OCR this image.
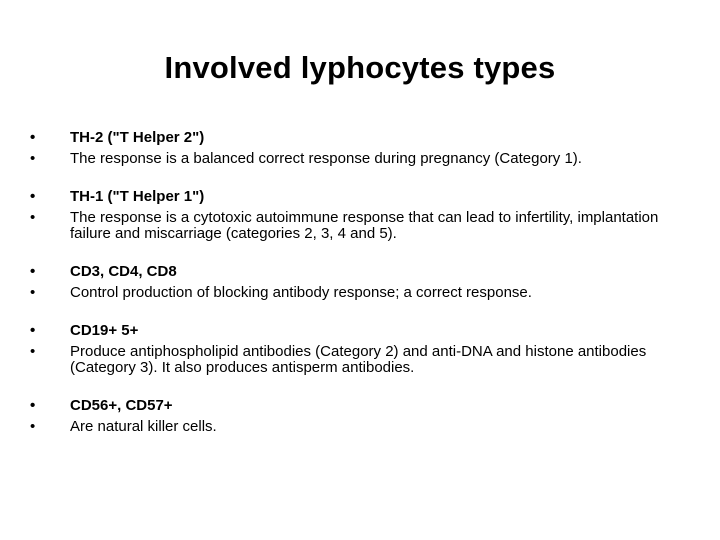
Involved lyphocytes types
•	TH-2 ("T Helper 2")
•	The response is a balanced correct response during pregnancy (Category 1).
•	TH-1 ("T Helper 1")
•	The response is a cytotoxic autoimmune response that can lead to infertility, implantation failure and miscarriage (categories 2, 3, 4 and 5).
•	CD3, CD4, CD8
•	Control production of blocking antibody response; a correct response.
•	CD19+ 5+
•	Produce antiphospholipid antibodies (Category 2) and anti-DNA and histone antibodies (Category 3). It also produces antisperm antibodies.
•	CD56+, CD57+
•	Are natural killer cells.
